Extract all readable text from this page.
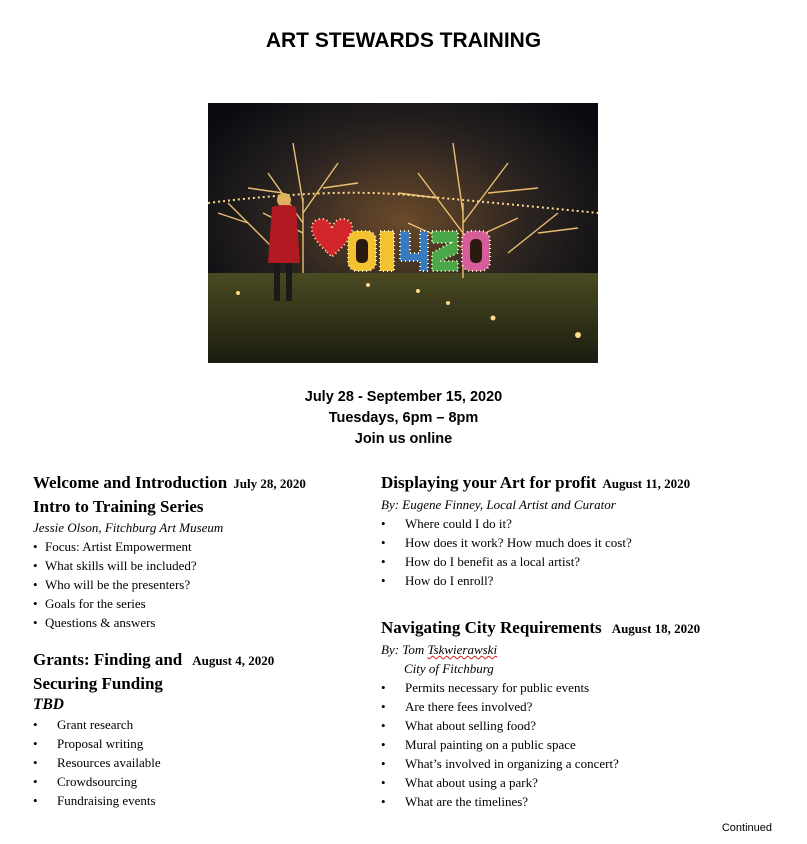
ART STEWARDS TRAINING
July 28 - September 15, 2020
Tuesdays, 6pm – 8pm
Join us online
Welcome and Introduction July 28, 2020
Intro to Training Series
Jessie Olson, Fitchburg Art Museum
• Focus: Artist Empowerment
• What skills will be included?
• Who will be the presenters?
• Goals for the series
• Questions & answers
Grants: Finding and August 4, 2020
Securing Funding
TBD
• Grant research
• Proposal writing
• Resources available
• Crowdsourcing
• Fundraising events
Displaying your Art for profit August 11, 2020
By: Eugene Finney, Local Artist and Curator
• Where could I do it?
• How does it work? How much does it cost?
• How do I benefit as a local artist?
• How do I enroll?
Navigating City Requirements August 18, 2020
By: Tom Tskwierawski
City of Fitchburg
• Permits necessary for public events
• Are there fees involved?
• What about selling food?
• Mural painting on a public space
• What’s involved in organizing a concert?
• What about using a park?
• What are the timelines?
Continued
